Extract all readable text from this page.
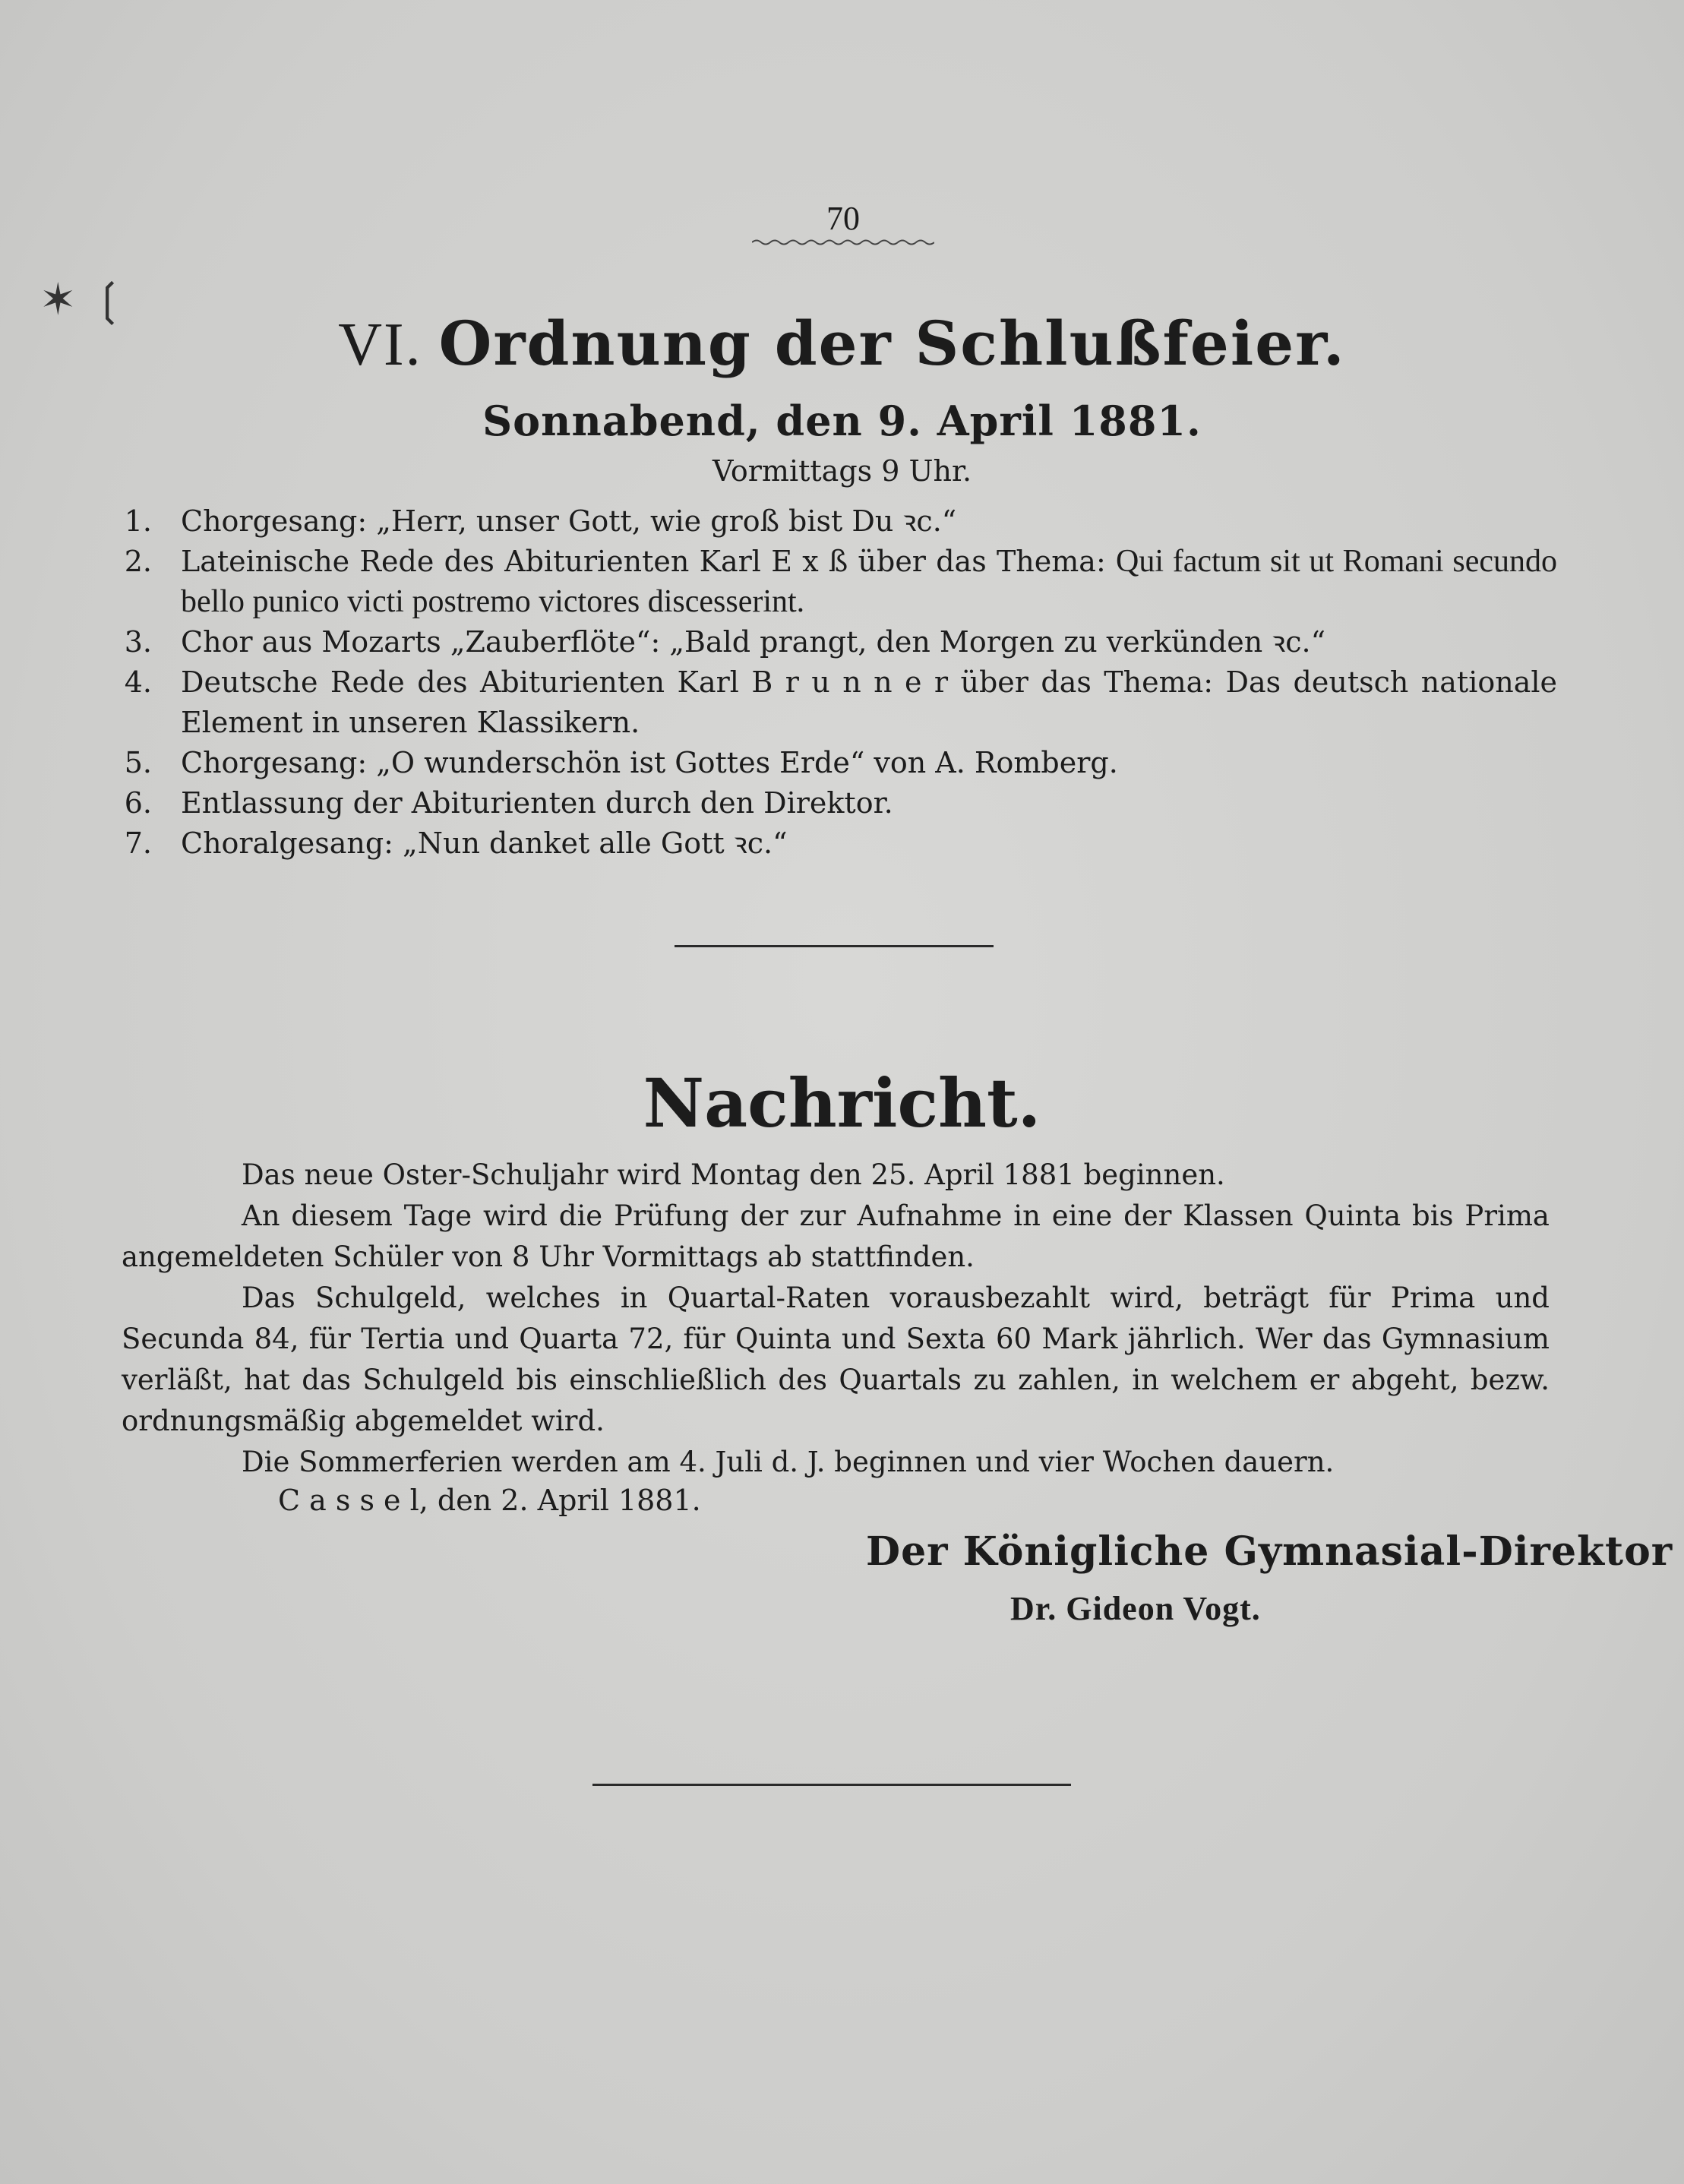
70
✶ ❲
VI. Ordnung der Schlußfeier.
Sonnabend, den 9. April 1881.
Vormittags 9 Uhr.
1. Chorgesang: „Herr, unser Gott, wie groß bist Du ꝛc.“
2. Lateinische Rede des Abiturienten Karl E x ß über das Thema: Qui factum sit ut Romani secundo bello punico victi postremo victores discesserint.
3. Chor aus Mozarts „Zauberflöte“: „Bald prangt, den Morgen zu verkünden ꝛc.“
4. Deutsche Rede des Abiturienten Karl B r u n n e r über das Thema: Das deutsch nationale Element in unseren Klassikern.
5. Chorgesang: „O wunderschön ist Gottes Erde“ von A. Romberg.
6. Entlassung der Abiturienten durch den Direktor.
7. Choralgesang: „Nun danket alle Gott ꝛc.“
Nachricht.
Das neue Oster-Schuljahr wird Montag den 25. April 1881 beginnen.
An diesem Tage wird die Prüfung der zur Aufnahme in eine der Klassen Quinta bis Prima angemeldeten Schüler von 8 Uhr Vormittags ab stattfinden.
Das Schulgeld, welches in Quartal-Raten vorausbezahlt wird, beträgt für Prima und Secunda 84, für Tertia und Quarta 72, für Quinta und Sexta 60 Mark jährlich. Wer das Gymnasium verläßt, hat das Schulgeld bis einschließlich des Quartals zu zahlen, in welchem er abgeht, bezw. ordnungsmäßig abgemeldet wird.
Die Sommerferien werden am 4. Juli d. J. beginnen und vier Wochen dauern.
C a s s e l, den 2. April 1881.
Der Königliche Gymnasial-Direktor
Dr. Gideon Vogt.
